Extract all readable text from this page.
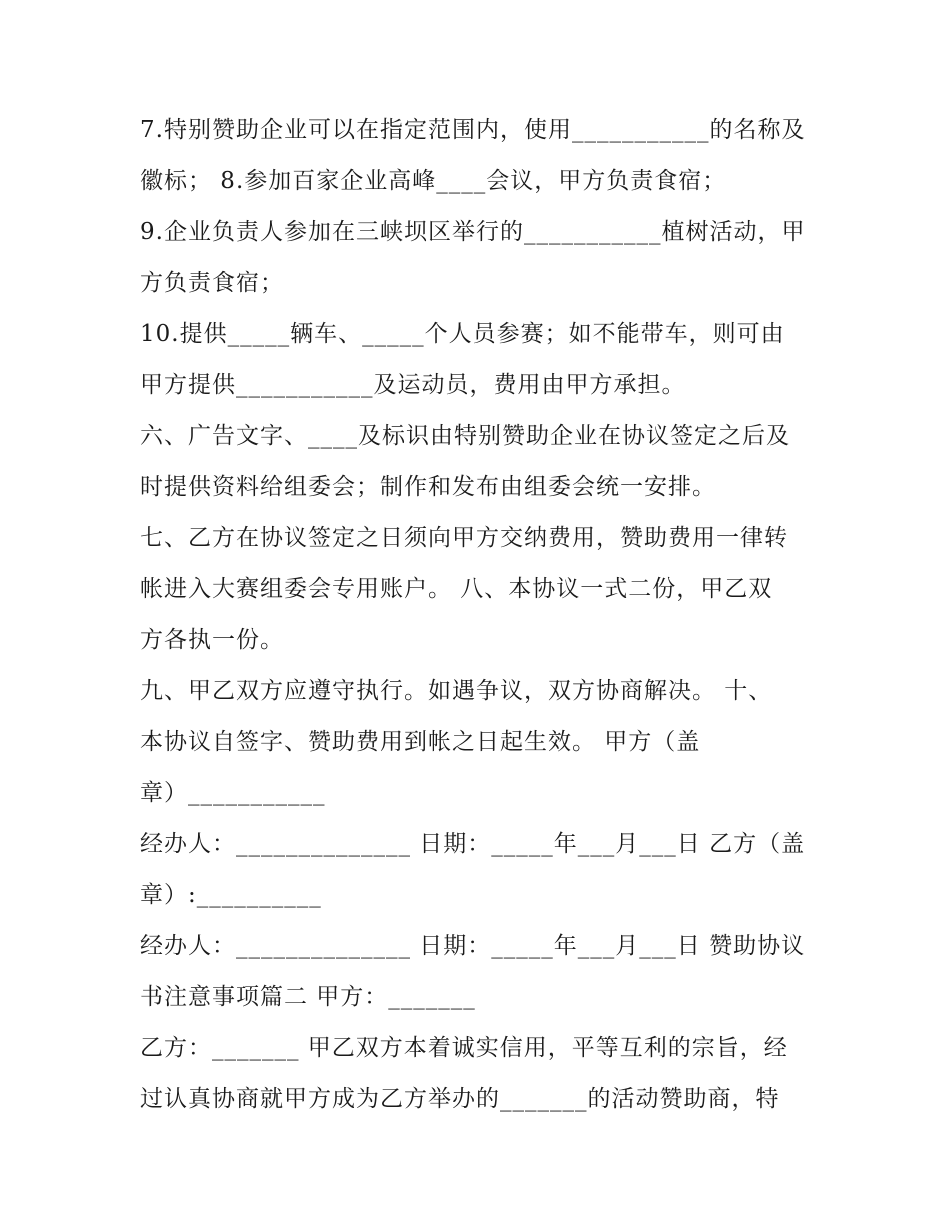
7.特别赞助企业可以在指定范围内，使用___________的名称及
徽标； 8.参加百家企业高峰____会议，甲方负责食宿；
9.企业负责人参加在三峡坝区举行的___________植树活动，甲
方负责食宿；
10.提供_____辆车、_____个人员参赛；如不能带车，则可由
甲方提供___________及运动员，费用由甲方承担。
六、广告文字、____及标识由特别赞助企业在协议签定之后及
时提供资料给组委会；制作和发布由组委会统一安排。
七、乙方在协议签定之日须向甲方交纳费用，赞助费用一律转
帐进入大赛组委会专用账户。 八、本协议一式二份，甲乙双
方各执一份。
九、甲乙双方应遵守执行。如遇争议，双方协商解决。 十、
本协议自签字、赞助费用到帐之日起生效。 甲方（盖
章）___________
经办人：______________ 日期：_____年___月___日 乙方（盖
章）:__________
经办人：______________ 日期：_____年___月___日 赞助协议
书注意事项篇二 甲方：_______
乙方：_______ 甲乙双方本着诚实信用，平等互利的宗旨，经
过认真协商就甲方成为乙方举办的_______的活动赞助商，特
